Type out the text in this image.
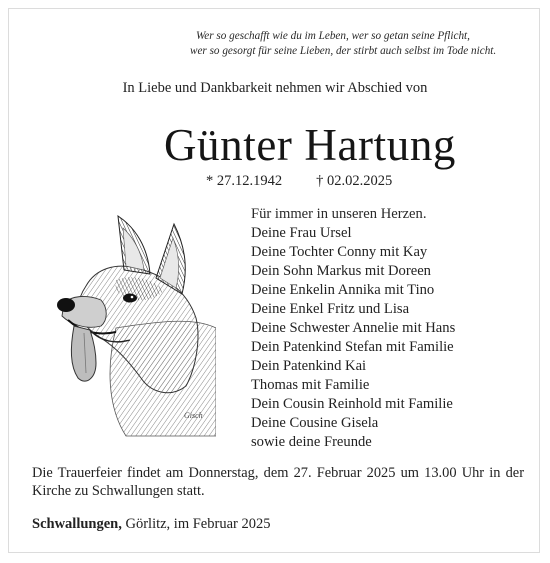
Wer so geschafft wie du im Leben, wer so getan seine Pflicht,
wer so gesorgt für seine Lieben, der stirbt auch selbst im Tode nicht.
In Liebe und Dankbarkeit nehmen wir Abschied von
Günter Hartung
* 27.12.1942 † 02.02.2025
Gisch
Für immer in unseren Herzen.
Deine Frau Ursel
Deine Tochter Conny mit Kay
Dein Sohn Markus mit Doreen
Deine Enkelin Annika mit Tino
Deine Enkel Fritz und Lisa
Deine Schwester Annelie mit Hans
Dein Patenkind Stefan mit Familie
Dein Patenkind Kai
Thomas mit Familie
Dein Cousin Reinhold mit Familie
Deine Cousine Gisela
sowie deine Freunde
Die Trauerfeier findet am Donnerstag, dem 27. Februar 2025 um 13.00 Uhr in der Kirche zu Schwallungen statt.
Schwallungen, Görlitz, im Februar 2025
